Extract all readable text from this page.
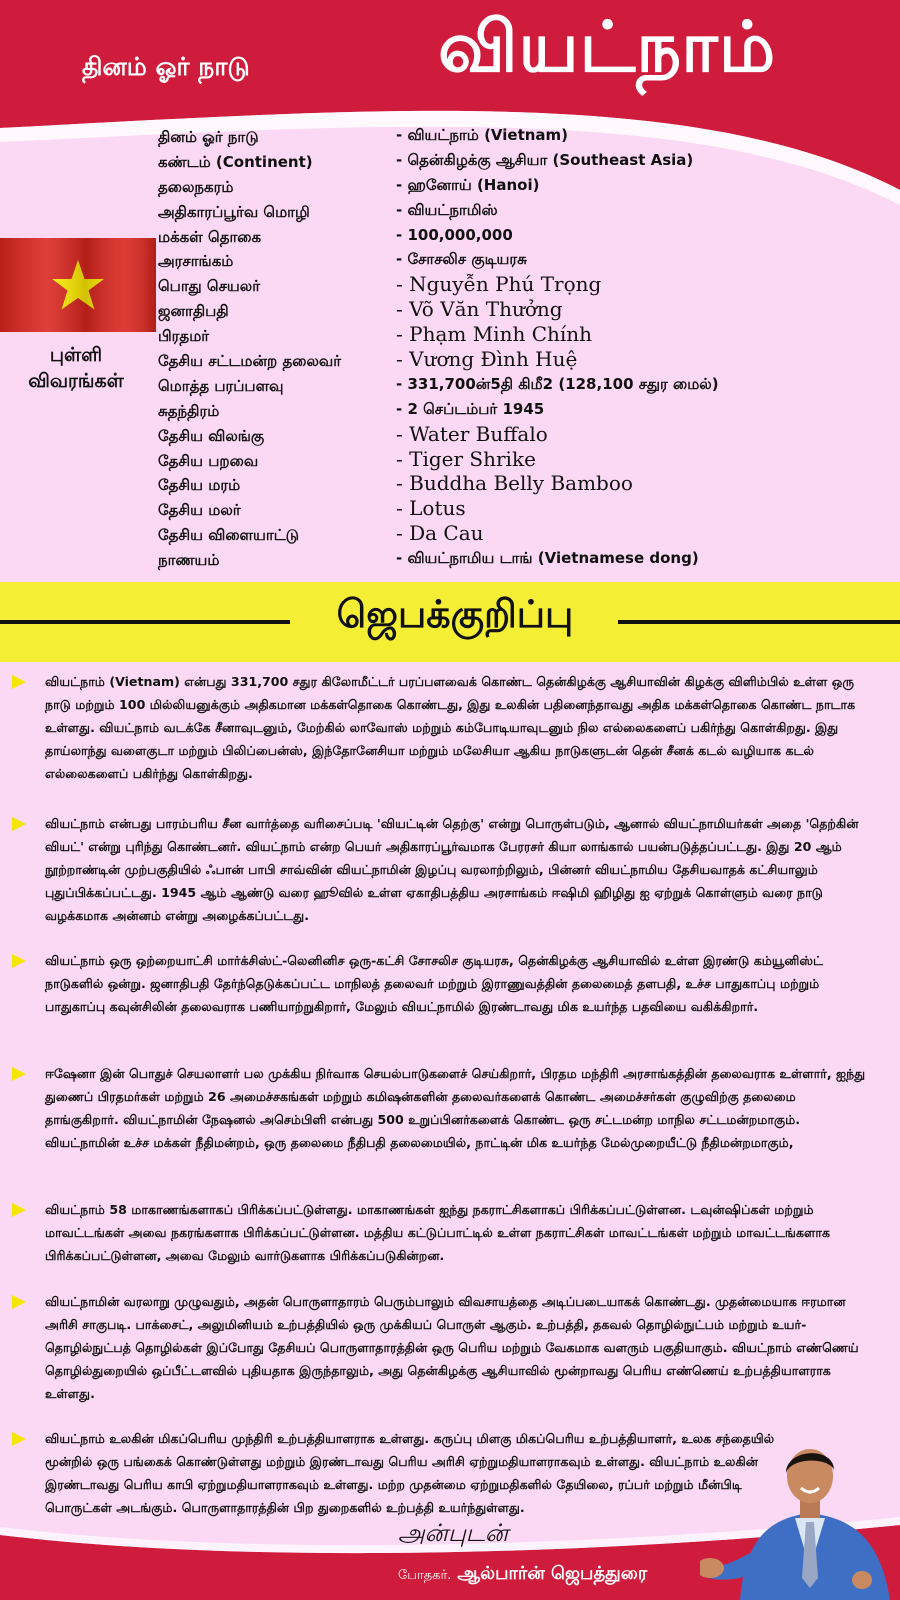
தினம் ஓர் நாடு	வியட்நாம்
புள்ளி விவரங்கள்
தினம் ஓர் நாடு	- வியட்நாம் (Vietnam)
கண்டம் (Continent)	- தென்கிழக்கு ஆசியா (Southeast Asia)
தலைநகரம்	- ஹனோய் (Hanoi)
அதிகாரப்பூர்வ மொழி	- வியட்நாமிஸ்
மக்கள் தொகை	- 100,000,000
அரசாங்கம்	- சோசலிச குடியரசு
பொது செயலர்	- Nguyễn Phú Trọng
ஜனாதிபதி	- Võ Văn Thưởng
பிரதமர்	- Phạm Minh Chính
தேசிய சட்டமன்ற தலைவர்	- Vương Đình Huệ
மொத்த பரப்பளவு	- 331,700ன்5தி கிமீ2 (128,100 சதுர மைல்)
சுதந்திரம்	- 2 செப்டம்பர் 1945
தேசிய விலங்கு	- Water Buffalo
தேசிய பறவை	- Tiger Shrike
தேசிய மரம்	- Buddha Belly Bamboo
தேசிய மலர்	- Lotus
தேசிய விளையாட்டு	- Da Cau
நாணயம்	- வியட்நாமிய டாங் (Vietnamese dong)
ஜெபக்குறிப்பு
வியட்நாம் (Vietnam) என்பது 331,700 சதுர கிலோமீட்டர் பரப்பளவைக் கொண்ட தென்கிழக்கு ஆசியாவின் கிழக்கு விளிம்பில் உள்ள ஒரு நாடு மற்றும் 100 மில்லியனுக்கும் அதிகமான மக்கள்தொகை கொண்டது, இது உலகின் பதினைந்தாவது அதிக மக்கள்தொகை கொண்ட நாடாக உள்ளது. வியட்நாம் வடக்கே சீனாவுடனும், மேற்கில் லாவோஸ் மற்றும் கம்போடியாவுடனும் நில எல்லைகளைப் பகிர்ந்து கொள்கிறது. இது தாய்லாந்து வளைகுடா மற்றும் பிலிப்பைன்ஸ், இந்தோனேசியா மற்றும் மலேசியா ஆகிய நாடுகளுடன் தென் சீனக் கடல் வழியாக கடல் எல்லைகளைப் பகிர்ந்து கொள்கிறது.
வியட்நாம் என்பது பாரம்பரிய சீன வார்த்தை வரிசைப்படி 'வியட்டின் தெற்கு' என்று பொருள்படும், ஆனால் வியட்நாமியர்கள் அதை 'தெற்கின் வியட்' என்று புரிந்து கொண்டனர். வியட்நாம் என்ற பெயர் அதிகாரப்பூர்வமாக பேரரசர் கியா லாங்கால் பயன்படுத்தப்பட்டது. இது 20 ஆம் நூற்றாண்டின் முற்பகுதியில் ஃபான் பாபி சாவ்வின் வியட்நாமின் இழப்பு வரலாற்றிலும், பின்னர் வியட்நாமிய தேசியவாதக் கட்சியாலும் புதுப்பிக்கப்பட்டது. 1945 ஆம் ஆண்டு வரை ஹூவில் உள்ள ஏகாதிபத்திய அரசாங்கம் ஈஷிமி ஹிழிது ஐ ஏற்றுக் கொள்ளும் வரை நாடு வழக்கமாக அன்னம் என்று அழைக்கப்பட்டது.
வியட்நாம் ஒரு ஒற்றையாட்சி மார்க்சிஸ்ட்-லெனினிச ஒரு-கட்சி சோசலிச குடியரசு, தென்கிழக்கு ஆசியாவில் உள்ள இரண்டு கம்யூனிஸ்ட் நாடுகளில் ஒன்று. ஜனாதிபதி தேர்ந்தெடுக்கப்பட்ட மாநிலத் தலைவர் மற்றும் இராணுவத்தின் தலைமைத் தளபதி, உச்ச பாதுகாப்பு மற்றும் பாதுகாப்பு கவுன்சிலின் தலைவராக பணியாற்றுகிறார், மேலும் வியட்நாமில் இரண்டாவது மிக உயர்ந்த பதவியை வகிக்கிறார்.
ஈஷேனா இன் பொதுச் செயலாளர் பல முக்கிய நிர்வாக செயல்பாடுகளைச் செய்கிறார், பிரதம மந்திரி அரசாங்கத்தின் தலைவராக உள்ளார், ஐந்து துணைப் பிரதமர்கள் மற்றும் 26 அமைச்சகங்கள் மற்றும் கமிஷன்களின் தலைவர்களைக் கொண்ட அமைச்சர்கள் குழுவிற்கு தலைமை தாங்குகிறார். வியட்நாமின் நேஷனல் அசெம்பிளி என்பது 500 உறுப்பினர்களைக் கொண்ட ஒரு சட்டமன்ற மாநில சட்டமன்றமாகும். வியட்நாமின் உச்ச மக்கள் நீதிமன்றம், ஒரு தலைமை நீதிபதி தலைமையில், நாட்டின் மிக உயர்ந்த மேல்முறையீட்டு நீதிமன்றமாகும்,
வியட்நாம் 58 மாகாணங்களாகப் பிரிக்கப்பட்டுள்ளது. மாகாணங்கள் ஐந்து நகராட்சிகளாகப் பிரிக்கப்பட்டுள்ளன. டவுன்ஷிப்கள் மற்றும் மாவட்டங்கள் அவை நகரங்களாக பிரிக்கப்பட்டுள்ளன. மத்திய கட்டுப்பாட்டில் உள்ள நகராட்சிகள் மாவட்டங்கள் மற்றும் மாவட்டங்களாக பிரிக்கப்பட்டுள்ளன, அவை மேலும் வார்டுகளாக பிரிக்கப்படுகின்றன.
வியட்நாமின் வரலாறு முழுவதும், அதன் பொருளாதாரம் பெரும்பாலும் விவசாயத்தை அடிப்படையாகக் கொண்டது. முதன்மையாக ஈரமான அரிசி சாகுபடி. பாக்சைட், அலுமினியம் உற்பத்தியில் ஒரு முக்கியப் பொருள் ஆகும். உற்பத்தி, தகவல் தொழில்நுட்பம் மற்றும் உயர்-தொழில்நுட்பத் தொழில்கள் இப்போது தேசியப் பொருளாதாரத்தின் ஒரு பெரிய மற்றும் வேகமாக வளரும் பகுதியாகும். வியட்நாம் எண்ணெய் தொழில்துறையில் ஒப்பீட்டளவில் புதியதாக இருந்தாலும், அது தென்கிழக்கு ஆசியாவில் மூன்றாவது பெரிய எண்ணெய் உற்பத்தியாளராக உள்ளது.
வியட்நாம் உலகின் மிகப்பெரிய முந்திரி உற்பத்தியாளராக உள்ளது. கருப்பு மிளகு மிகப்பெரிய உற்பத்தியாளர், உலக சந்தையில் மூன்றில் ஒரு பங்கைக் கொண்டுள்ளது மற்றும் இரண்டாவது பெரிய அரிசி ஏற்றுமதியாளராகவும் உள்ளது. வியட்நாம் உலகின் இரண்டாவது பெரிய காபி ஏற்றுமதியாளராகவும் உள்ளது. மற்ற முதன்மை ஏற்றுமதிகளில் தேயிலை, ரப்பர் மற்றும் மீன்பிடி பொருட்கள் அடங்கும். பொருளாதாரத்தின் பிற துறைகளில் உற்பத்தி உயர்ந்துள்ளது.
அன்புடன்
போதகர். ஆல்பார்ன் ஜெபத்துரை
